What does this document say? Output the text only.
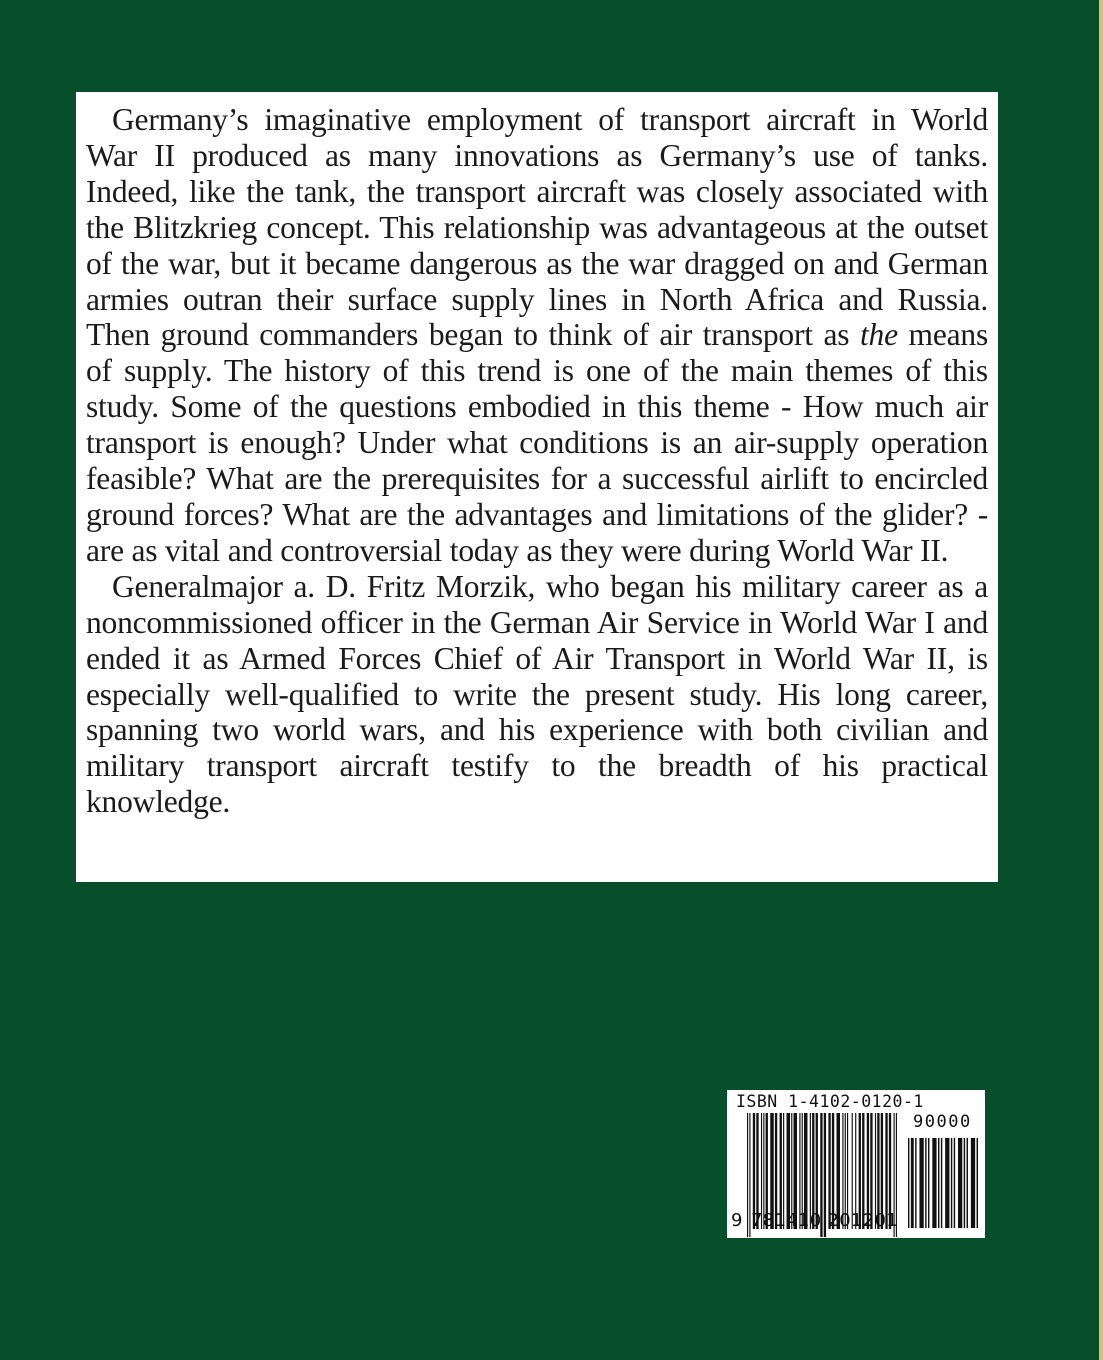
Germany’s imaginative employment of transport aircraft in World War II produced as many innovations as Germany’s use of tanks. Indeed, like the tank, the transport aircraft was closely associated with the Blitzkrieg concept. This relationship was advantageous at the outset of the war, but it became dangerous as the war dragged on and German armies outran their surface supply lines in North Africa and Russia. Then ground commanders began to think of air transport as the means of supply. The history of this trend is one of the main themes of this study. Some of the questions embodied in this theme - How much air transport is enough? Under what conditions is an air-supply operation feasible? What are the prerequisites for a successful airlift to encircled ground forces? What are the advantages and limitations of the glider? - are as vital and controversial today as they were during World War II.

Generalmajor a. D. Fritz Morzik, who began his military career as a noncommissioned officer in the German Air Service in World War I and ended it as Armed Forces Chief of Air Transport in World War II, is especially well-qualified to write the present study. His long career, spanning two world wars, and his experience with both civilian and military transport aircraft testify to the breadth of his practical knowledge.

ISBN 1-4102-0120-1
90000
9 781410 201201
